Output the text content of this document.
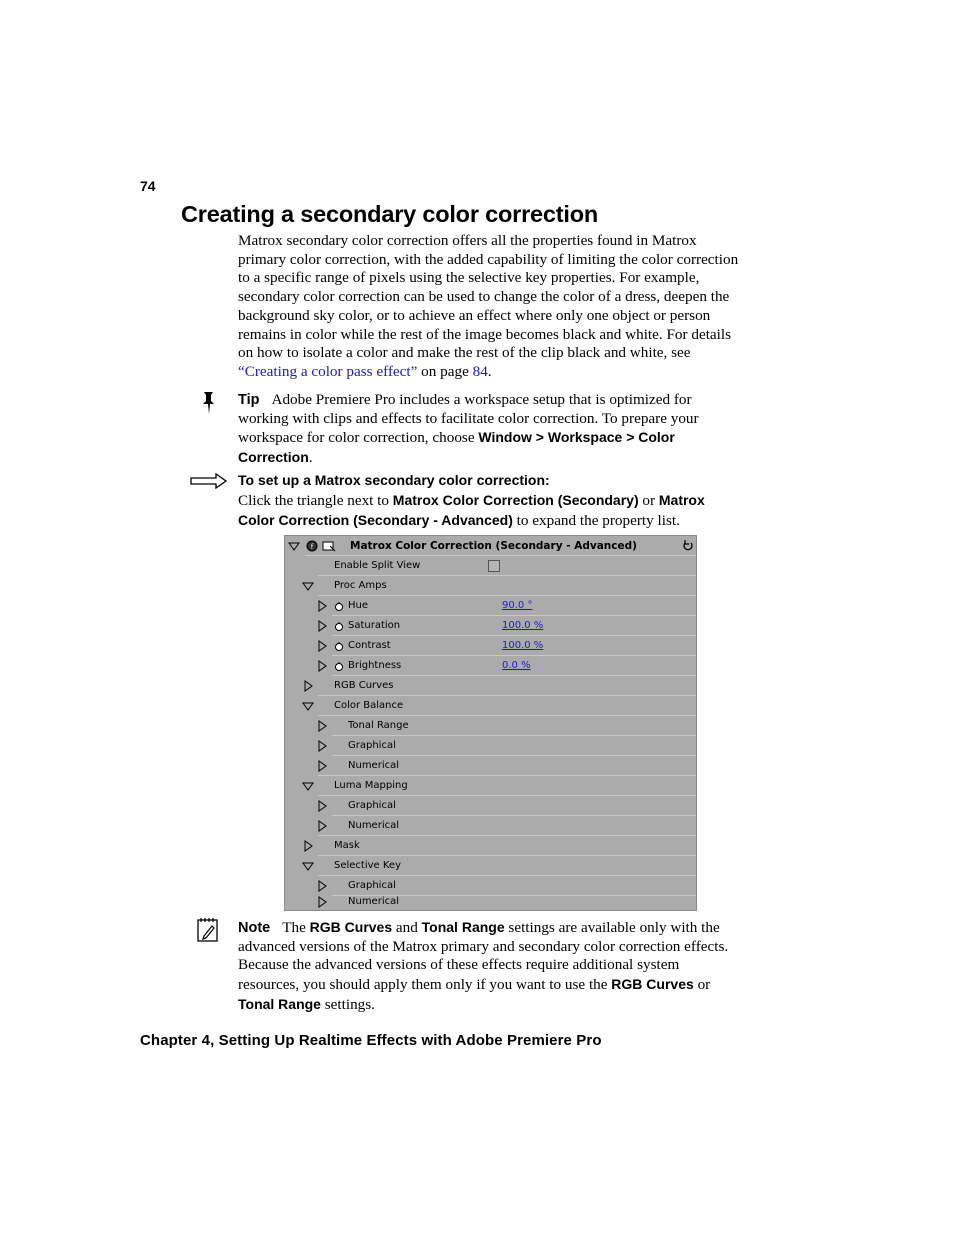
74
Creating a secondary color correction
Matrox secondary color correction offers all the properties found in Matrox primary color correction, with the added capability of limiting the color correction to a specific range of pixels using the selective key properties. For example, secondary color correction can be used to change the color of a dress, deepen the background sky color, or to achieve an effect where only one object or person remains in color while the rest of the image becomes black and white. For details on how to isolate a color and make the rest of the clip black and white, see
“Creating a color pass effect” on page 84.
Tip Adobe Premiere Pro includes a workspace setup that is optimized for working with clips and effects to facilitate color correction. To prepare your workspace for color correction, choose Window > Workspace > Color Correction.
To set up a Matrox secondary color correction:
Click the triangle next to Matrox Color Correction (Secondary) or Matrox Color Correction (Secondary - Advanced) to expand the property list.
f	Matrox Color Correction (Secondary - Advanced)
Enable Split View
Proc Amps
Hue	90.0 °
Saturation	100.0 %
Contrast	100.0 %
Brightness	0.0 %
RGB Curves
Color Balance
Tonal Range
Graphical
Numerical
Luma Mapping
Graphical
Numerical
Mask
Selective Key
Graphical
Numerical
Note The RGB Curves and Tonal Range settings are available only with the advanced versions of the Matrox primary and secondary color correction effects. Because the advanced versions of these effects require additional system resources, you should apply them only if you want to use the RGB Curves or Tonal Range settings.
Chapter 4, Setting Up Realtime Effects with Adobe Premiere Pro
